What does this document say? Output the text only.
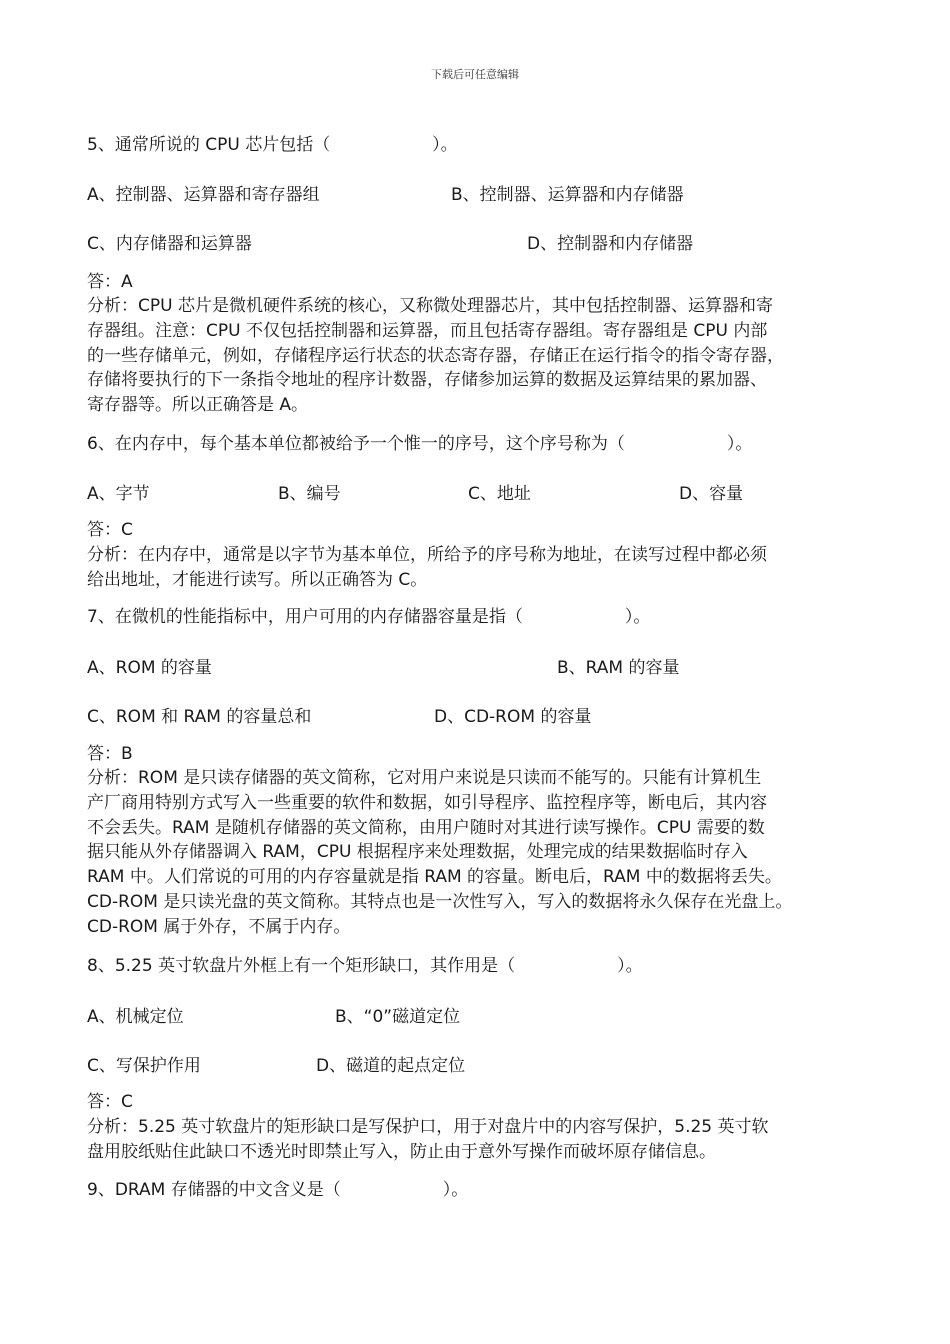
下载后可任意编辑
5、通常所说的 CPU 芯片包括（　　　　　　）。
A、控制器、运算器和寄存器组	B、控制器、运算器和内存储器
C、内存储器和运算器	D、控制器和内存储器
答：A
分析：CPU 芯片是微机硬件系统的核心，又称微处理器芯片，其中包括控制器、运算器和寄
存器组。注意：CPU 不仅包括控制器和运算器，而且包括寄存器组。寄存器组是 CPU 内部
的一些存储单元，例如，存储程序运行状态的状态寄存器，存储正在运行指令的指令寄存器，
存储将要执行的下一条指令地址的程序计数器，存储参加运算的数据及运算结果的累加器、
寄存器等。所以正确答是 A。
6、在内存中，每个基本单位都被给予一个惟一的序号，这个序号称为（　　　　　　）。
A、字节	B、编号	C、地址	D、容量
答：C
分析：在内存中，通常是以字节为基本单位，所给予的序号称为地址，在读写过程中都必须
给出地址，才能进行读写。所以正确答为 C。
7、在微机的性能指标中，用户可用的内存储器容量是指（　　　　　　）。
A、ROM 的容量	B、RAM 的容量
C、ROM 和 RAM 的容量总和	D、CD-ROM 的容量
答：B
分析：ROM 是只读存储器的英文简称，它对用户来说是只读而不能写的。只能有计算机生
产厂商用特别方式写入一些重要的软件和数据，如引导程序、监控程序等，断电后，其内容
不会丢失。RAM 是随机存储器的英文简称，由用户随时对其进行读写操作。CPU 需要的数
据只能从外存储器调入 RAM，CPU 根据程序来处理数据，处理完成的结果数据临时存入
RAM 中。人们常说的可用的内存容量就是指 RAM 的容量。断电后，RAM 中的数据将丢失。
CD-ROM 是只读光盘的英文简称。其特点也是一次性写入，写入的数据将永久保存在光盘上。
CD-ROM 属于外存，不属于内存。
8、5.25 英寸软盘片外框上有一个矩形缺口，其作用是（　　　　　　）。
A、机械定位	B、“0”磁道定位
C、写保护作用	D、磁道的起点定位
答：C
分析：5.25 英寸软盘片的矩形缺口是写保护口，用于对盘片中的内容写保护，5.25 英寸软
盘用胶纸贴住此缺口不透光时即禁止写入，防止由于意外写操作而破坏原存储信息。
9、DRAM 存储器的中文含义是（　　　　　　）。
